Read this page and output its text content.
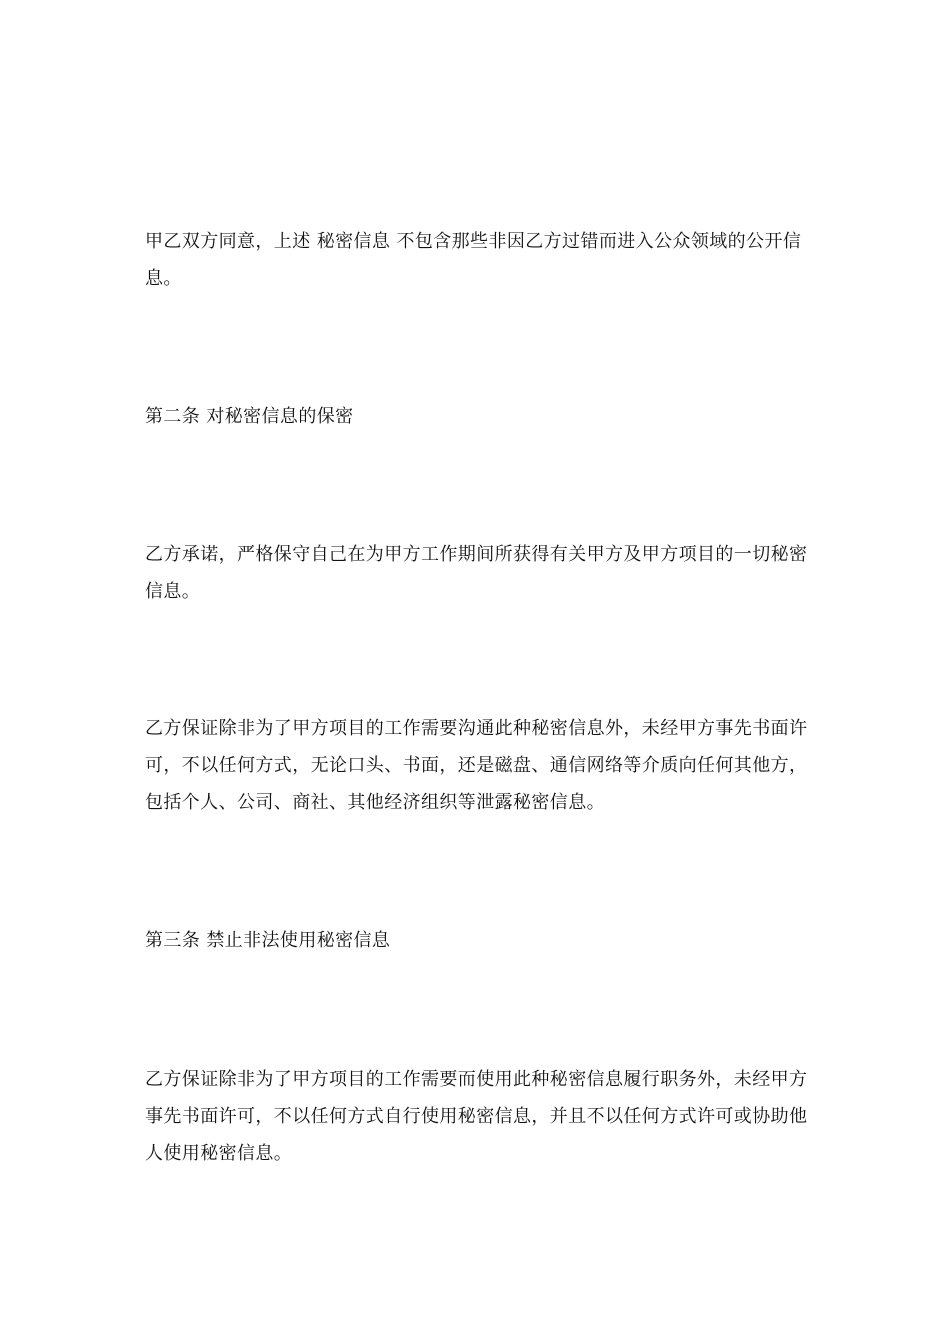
甲乙双方同意，上述 秘密信息 不包含那些非因乙方过错而进入公众领域的公开信息。

第二条 对秘密信息的保密

乙方承诺，严格保守自己在为甲方工作期间所获得有关甲方及甲方项目的一切秘密信息。

乙方保证除非为了甲方项目的工作需要沟通此种秘密信息外，未经甲方事先书面许可，不以任何方式，无论口头、书面，还是磁盘、通信网络等介质向任何其他方，包括个人、公司、商社、其他经济组织等泄露秘密信息。

第三条 禁止非法使用秘密信息

乙方保证除非为了甲方项目的工作需要而使用此种秘密信息履行职务外，未经甲方事先书面许可，不以任何方式自行使用秘密信息，并且不以任何方式许可或协助他人使用秘密信息。
